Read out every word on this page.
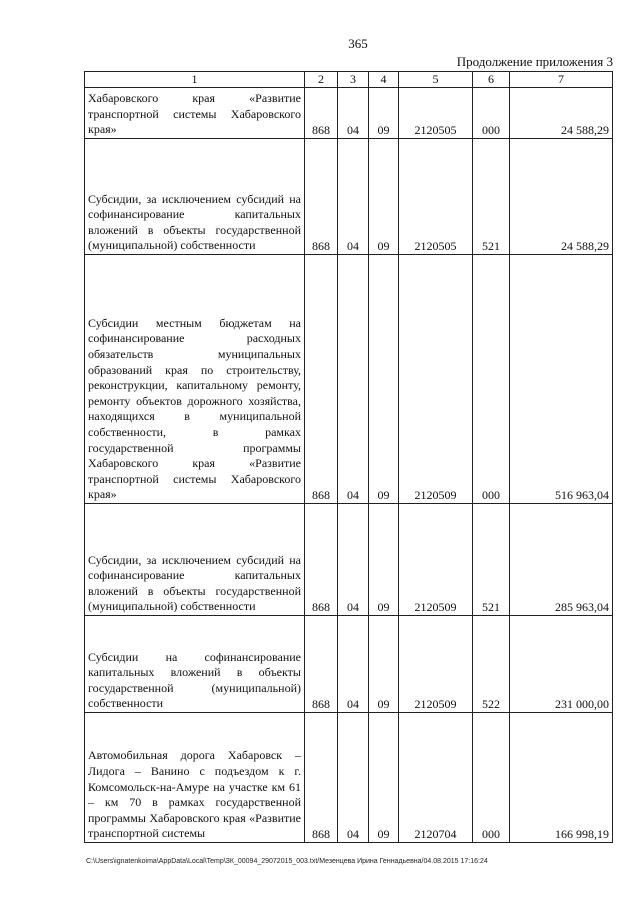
365
Продолжение приложения 3
1	2	3	4	5	6	7
Хабаровского края «Развитие транспортной системы Хабаровского края»	868	04	09	2120505	000	24 588,29
Субсидии, за исключением субсидий на софинансирование капитальных вложений в объекты государственной (муниципальной) собственности	868	04	09	2120505	521	24 588,29
Субсидии местным бюджетам на софинансирование расходных обязательств муниципальных образований края по строительству, реконструкции, капитальному ремонту, ремонту объектов дорожного хозяйства, находящихся в муниципальной собственности, в рамках государственной программы Хабаровского края «Развитие транспортной системы Хабаровского края»	868	04	09	2120509	000	516 963,04
Субсидии, за исключением субсидий на софинансирование капитальных вложений в объекты государственной (муниципальной) собственности	868	04	09	2120509	521	285 963,04
Субсидии на софинансирование капитальных вложений в объекты государственной (муниципальной) собственности	868	04	09	2120509	522	231 000,00
Автомобильная дорога Хабаровск – Лидога – Ванино с подъездом к г. Комсомольск-на-Амуре на участке км 61 – км 70 в рамках государственной программы Хабаровского края «Развитие транспортной системы	868	04	09	2120704	000	166 998,19
C:\Users\ignatenkoima\AppData\Local\Temp\ЗК_00094_29072015_003.txt/Мезенцева Ирина Геннадьевна/04.08.2015 17:16:24
